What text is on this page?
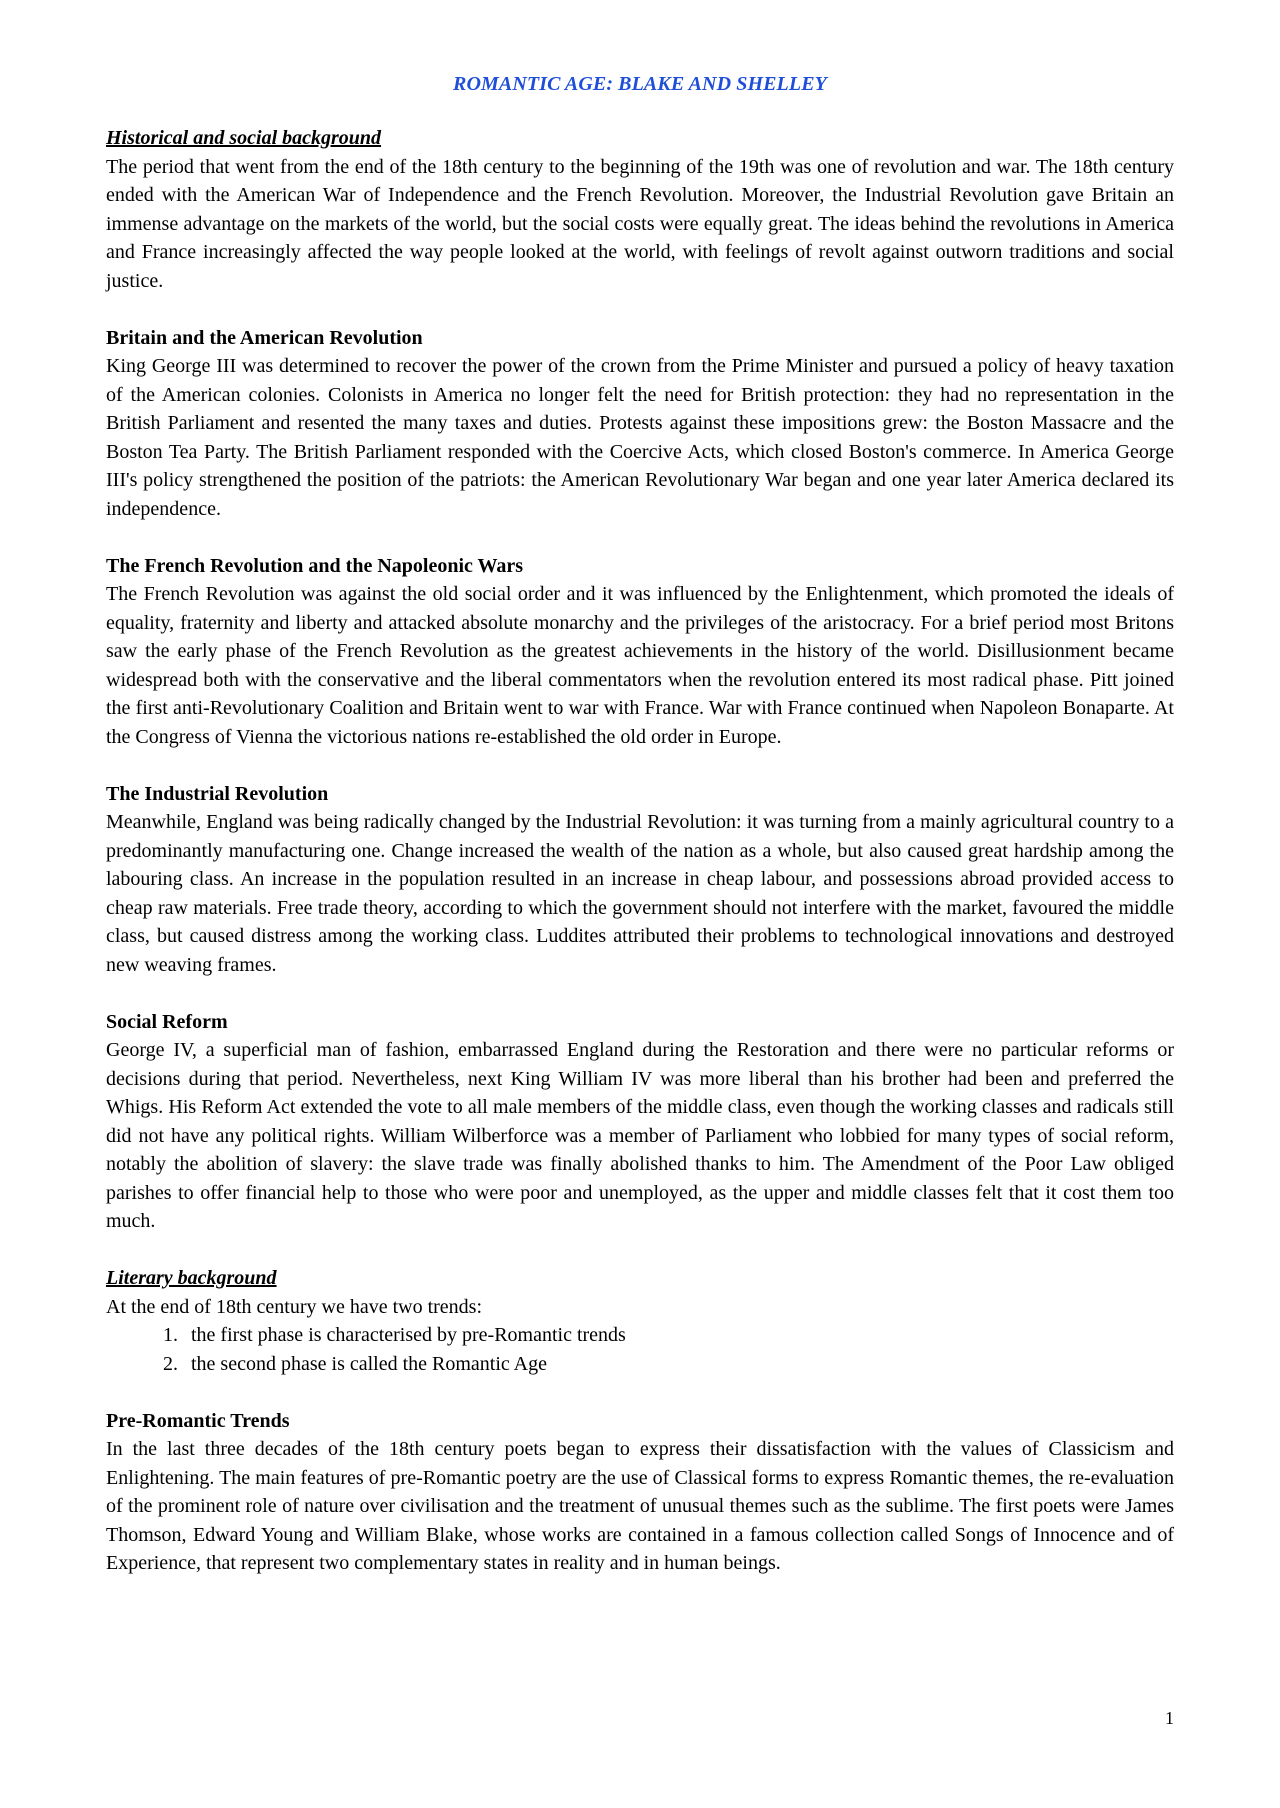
ROMANTIC AGE: BLAKE AND SHELLEY
Historical and social background

The period that went from the end of the 18th century to the beginning of the 19th was one of revolution and war. The 18th century ended with the American War of Independence and the French Revolution. Moreover, the Industrial Revolution gave Britain an immense advantage on the markets of the world, but the social costs were equally great. The ideas behind the revolutions in America and France increasingly affected the way people looked at the world, with feelings of revolt against outworn traditions and social justice.

Britain and the American Revolution

King George III was determined to recover the power of the crown from the Prime Minister and pursued a policy of heavy taxation of the American colonies. Colonists in America no longer felt the need for British protection: they had no representation in the British Parliament and resented the many taxes and duties. Protests against these impositions grew: the Boston Massacre and the Boston Tea Party. The British Parliament responded with the Coercive Acts, which closed Boston's commerce. In America George III's policy strengthened the position of the patriots: the American Revolutionary War began and one year later America declared its independence.

The French Revolution and the Napoleonic Wars

The French Revolution was against the old social order and it was influenced by the Enlightenment, which promoted the ideals of equality, fraternity and liberty and attacked absolute monarchy and the privileges of the aristocracy. For a brief period most Britons saw the early phase of the French Revolution as the greatest achievements in the history of the world. Disillusionment became widespread both with the conservative and the liberal commentators when the revolution entered its most radical phase. Pitt joined the first anti-Revolutionary Coalition and Britain went to war with France. War with France continued when Napoleon Bonaparte. At the Congress of Vienna the victorious nations re-established the old order in Europe.

The Industrial Revolution

Meanwhile, England was being radically changed by the Industrial Revolution: it was turning from a mainly agricultural country to a predominantly manufacturing one. Change increased the wealth of the nation as a whole, but also caused great hardship among the labouring class. An increase in the population resulted in an increase in cheap labour, and possessions abroad provided access to cheap raw materials. Free trade theory, according to which the government should not interfere with the market, favoured the middle class, but caused distress among the working class. Luddites attributed their problems to technological innovations and destroyed new weaving frames.

Social Reform

George IV, a superficial man of fashion, embarrassed England during the Restoration and there were no particular reforms or decisions during that period. Nevertheless, next King William IV was more liberal than his brother had been and preferred the Whigs. His Reform Act extended the vote to all male members of the middle class, even though the working classes and radicals still did not have any political rights. William Wilberforce was a member of Parliament who lobbied for many types of social reform, notably the abolition of slavery: the slave trade was finally abolished thanks to him. The Amendment of the Poor Law obliged parishes to offer financial help to those who were poor and unemployed, as the upper and middle classes felt that it cost them too much.

Literary background

At the end of 18th century we have two trends:

1. the first phase is characterised by pre-Romantic trends
2. the second phase is called the Romantic Age
Pre-Romantic Trends

In the last three decades of the 18th century poets began to express their dissatisfaction with the values of Classicism and Enlightening. The main features of pre-Romantic poetry are the use of Classical forms to express Romantic themes, the re-evaluation of the prominent role of nature over civilisation and the treatment of unusual themes such as the sublime. The first poets were James Thomson, Edward Young and William Blake, whose works are contained in a famous collection called Songs of Innocence and of Experience, that represent two complementary states in reality and in human beings.

1
